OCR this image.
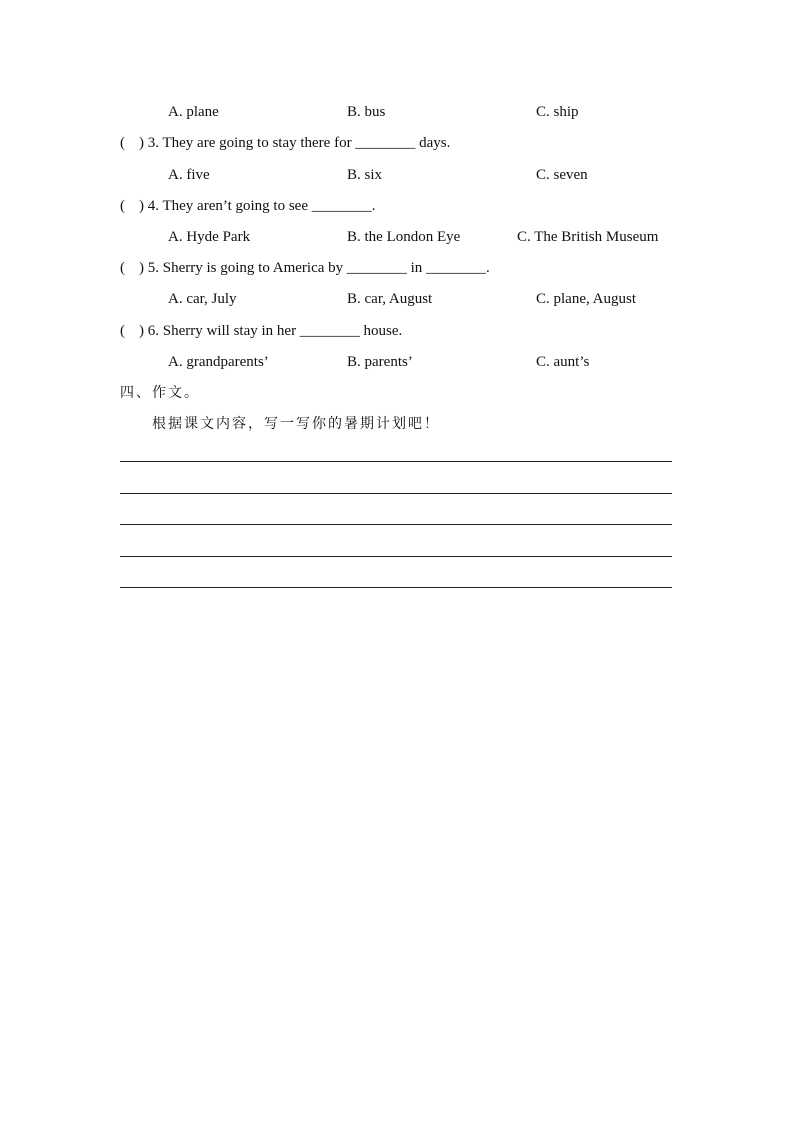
A. plane	B. bus	C. ship
( ) 3. They are going to stay there for ________ days.
A. five	B. six	C. seven
( ) 4. They aren’t going to see ________.
A. Hyde Park	B. the London Eye	C. The British Museum
( ) 5. Sherry is going to America by ________ in ________.
A. car, July	B. car, August	C. plane, August
( ) 6. Sherry will stay in her ________ house.
A. grandparents’	B. parents’	C. aunt’s
四、作文。
根据课文内容，写一写你的暑期计划吧！
